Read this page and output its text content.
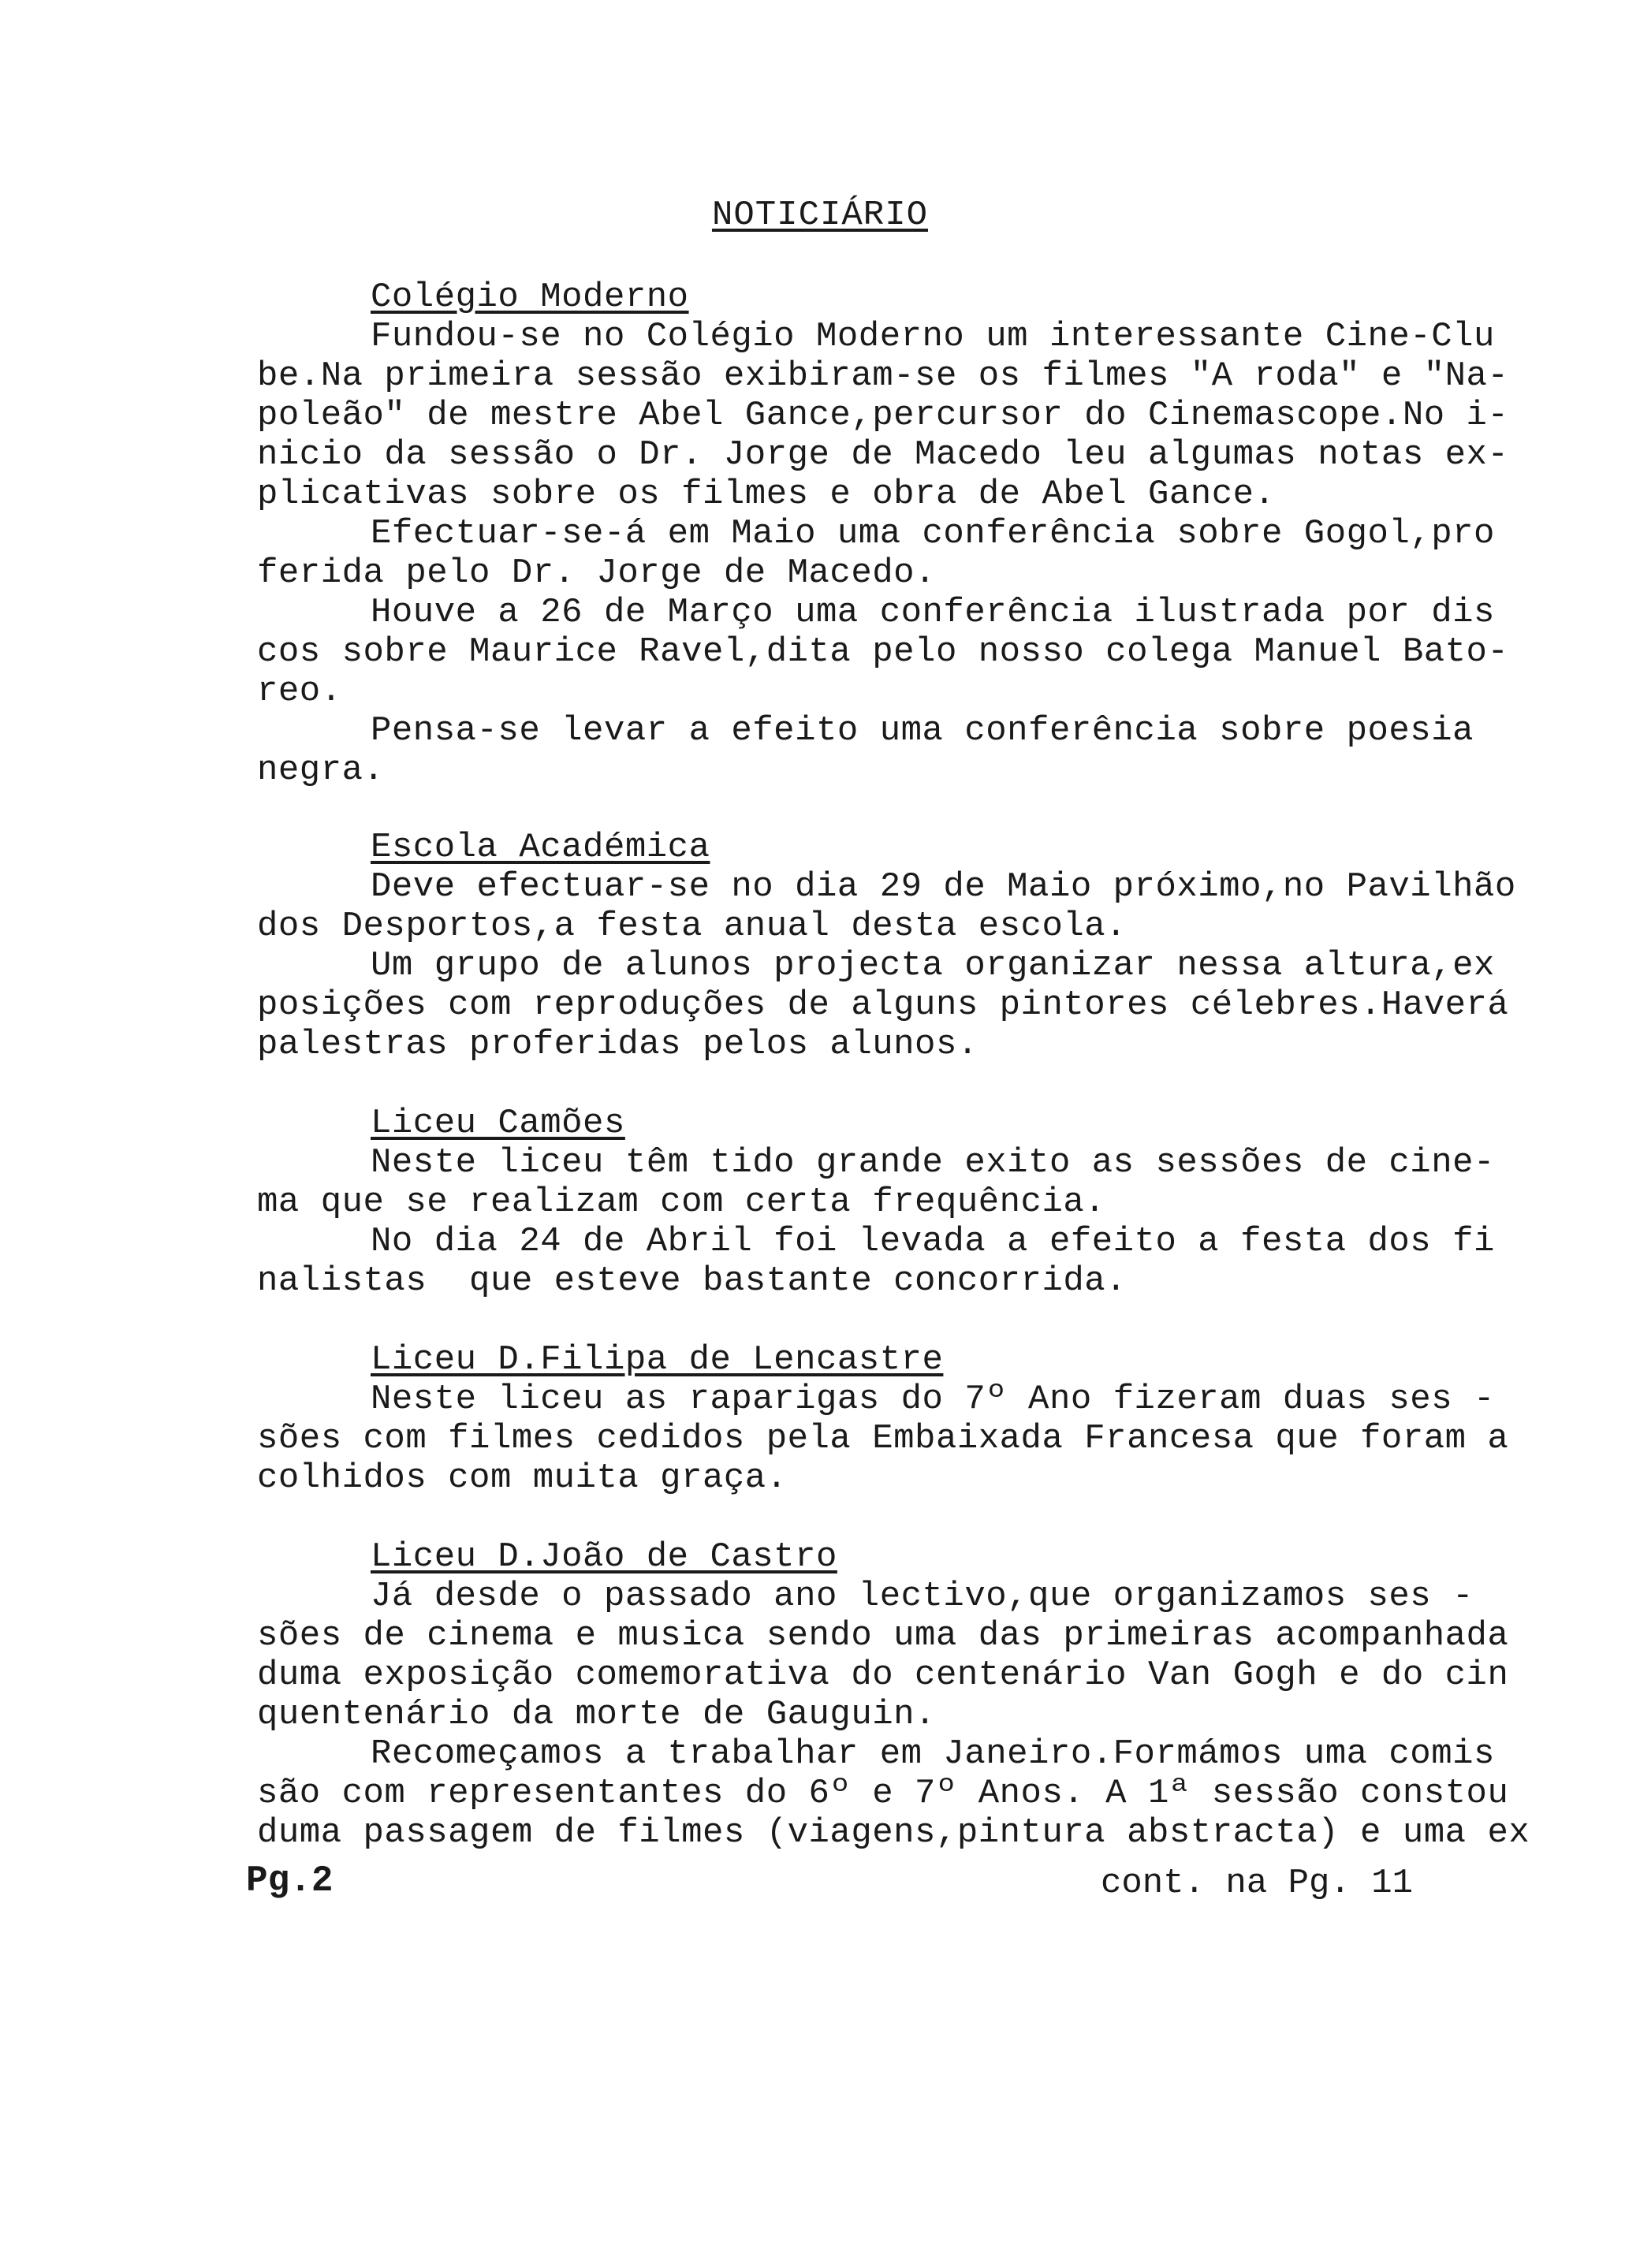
NOTICIÁRIO
Colégio Moderno
Fundou-se no Colégio Moderno um interessante Cine-Clu
be.Na primeira sessão exibiram-se os filmes "A roda" e "Na-
poleão" de mestre Abel Gance,percursor do Cinemascope.No i-
nicio da sessão o Dr. Jorge de Macedo leu algumas notas ex-
plicativas sobre os filmes e obra de Abel Gance.
Efectuar-se-á em Maio uma conferência sobre Gogol,pro
ferida pelo Dr. Jorge de Macedo.
Houve a 26 de Março uma conferência ilustrada por dis
cos sobre Maurice Ravel,dita pelo nosso colega Manuel Bato-
reo.
Pensa-se levar a efeito uma conferência sobre poesia
negra.
Escola Académica
Deve efectuar-se no dia 29 de Maio próximo,no Pavilhão
dos Desportos,a festa anual desta escola.
Um grupo de alunos projecta organizar nessa altura,ex
posições com reproduções de alguns pintores célebres.Haverá
palestras proferidas pelos alunos.
Liceu Camões
Neste liceu têm tido grande exito as sessões de cine-
ma que se realizam com certa frequência.
No dia 24 de Abril foi levada a efeito a festa dos fi
nalistas  que esteve bastante concorrida.
Liceu D.Filipa de Lencastre
Neste liceu as raparigas do 7º Ano fizeram duas ses -
sões com filmes cedidos pela Embaixada Francesa que foram a
colhidos com muita graça.
Liceu D.João de Castro
Já desde o passado ano lectivo,que organizamos ses -
sões de cinema e musica sendo uma das primeiras acompanhada
duma exposição comemorativa do centenário Van Gogh e do cin
quentenário da morte de Gauguin.
Recomeçamos a trabalhar em Janeiro.Formámos uma comis
são com representantes do 6º e 7º Anos. A 1ª sessão constou
duma passagem de filmes (viagens,pintura abstracta) e uma ex
Pg.2	cont. na Pg. 11
